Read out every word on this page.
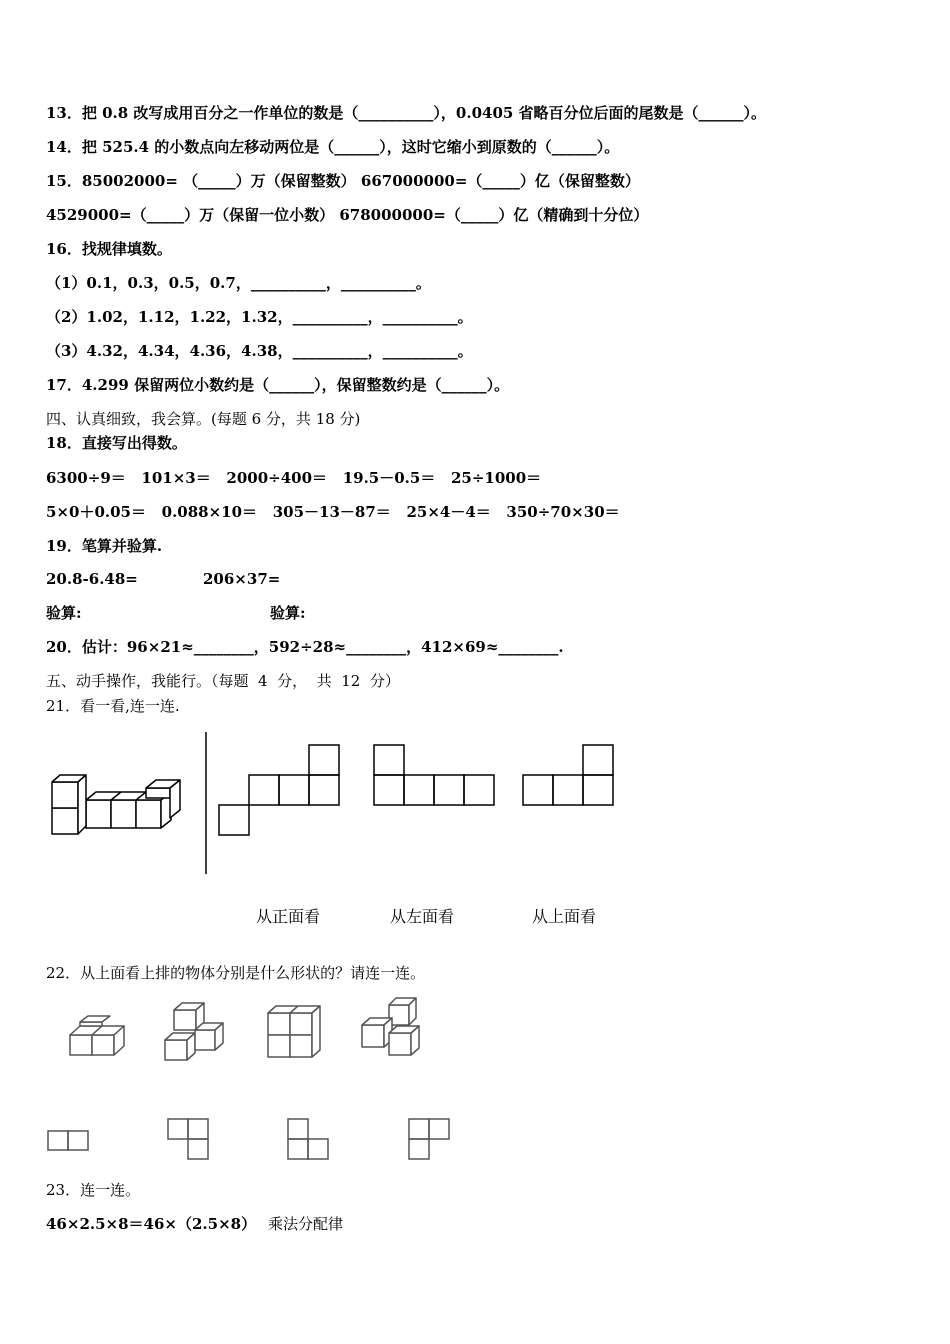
13．把 0.8 改写成用百分之一作单位的数是（__________），0.0405 省略百分位后面的尾数是（______）。
14．把 525.4 的小数点向左移动两位是（______），这时它缩小到原数的（______）。
15．85002000= （_____）万（保留整数） 667000000=（_____）亿（保留整数）
4529000=（_____）万（保留一位小数） 678000000=（_____）亿（精确到十分位）
16．找规律填数。
（1）0.1，0.3，0.5，0.7，__________，__________。
（2）1.02，1.12，1.22，1.32，__________，__________。
（3）4.32，4.34，4.36，4.38，__________，__________。
17．4.299 保留两位小数约是（______），保留整数约是（______）。
四、认真细致，我会算。(每题 6 分，共 18 分)
18．直接写出得数。
6300÷9＝   101×3＝   2000÷400＝   19.5－0.5＝   25÷1000＝
5×0＋0.05＝   0.088×10＝   305－13－87＝   25×4－4＝   350÷70×30＝
19．笔算并验算.
20.8-6.48=	206×37=
验算:	验算:
20．估计：96×21≈________，592÷28≈________，412×69≈________.
五、动手操作，我能行。（每题  4  分，  共  12  分）
21．看一看,连一连.
从正面看	从左面看	从上面看
22．从上面看上排的物体分别是什么形状的？请连一连。
23．连一连。
46×2.5×8＝46×（2.5×8） 乘法分配律
